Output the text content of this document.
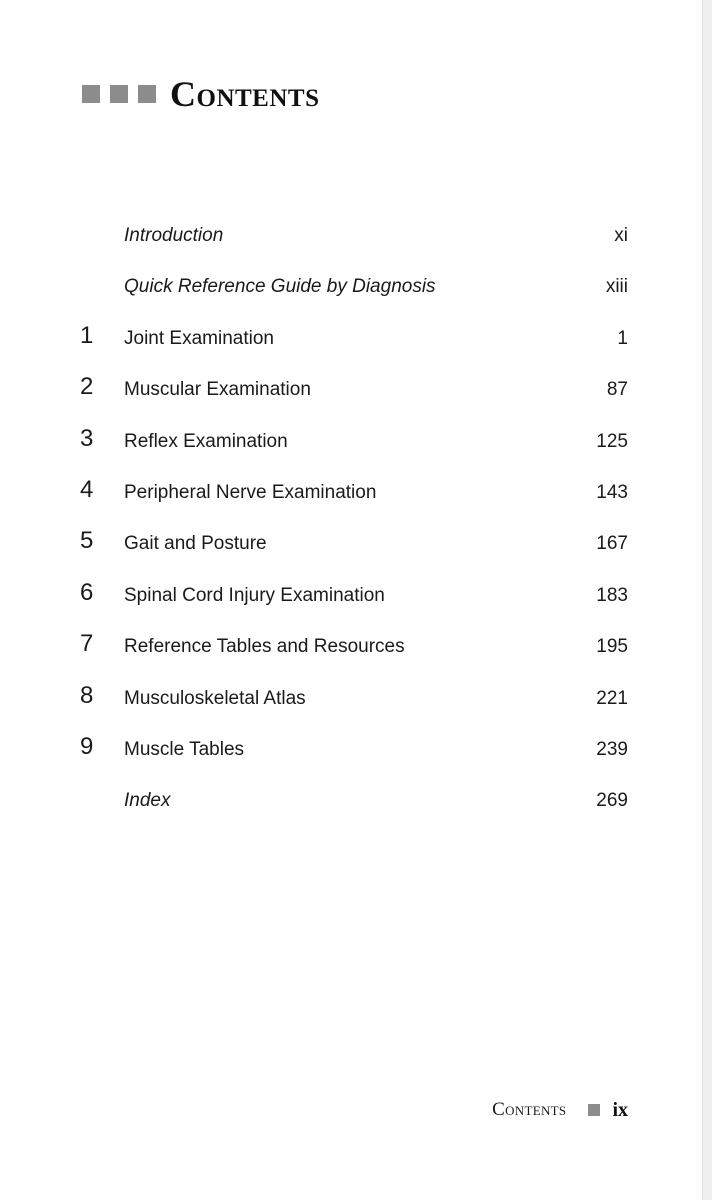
Contents
Introduction	xi
Quick Reference Guide by Diagnosis	xiii
1 Joint Examination	1
2 Muscular Examination	87
3 Reflex Examination	125
4 Peripheral Nerve Examination	143
5 Gait and Posture	167
6 Spinal Cord Injury Examination	183
7 Reference Tables and Resources	195
8 Musculoskeletal Atlas	221
9 Muscle Tables	239
Index	269
Contents ix
